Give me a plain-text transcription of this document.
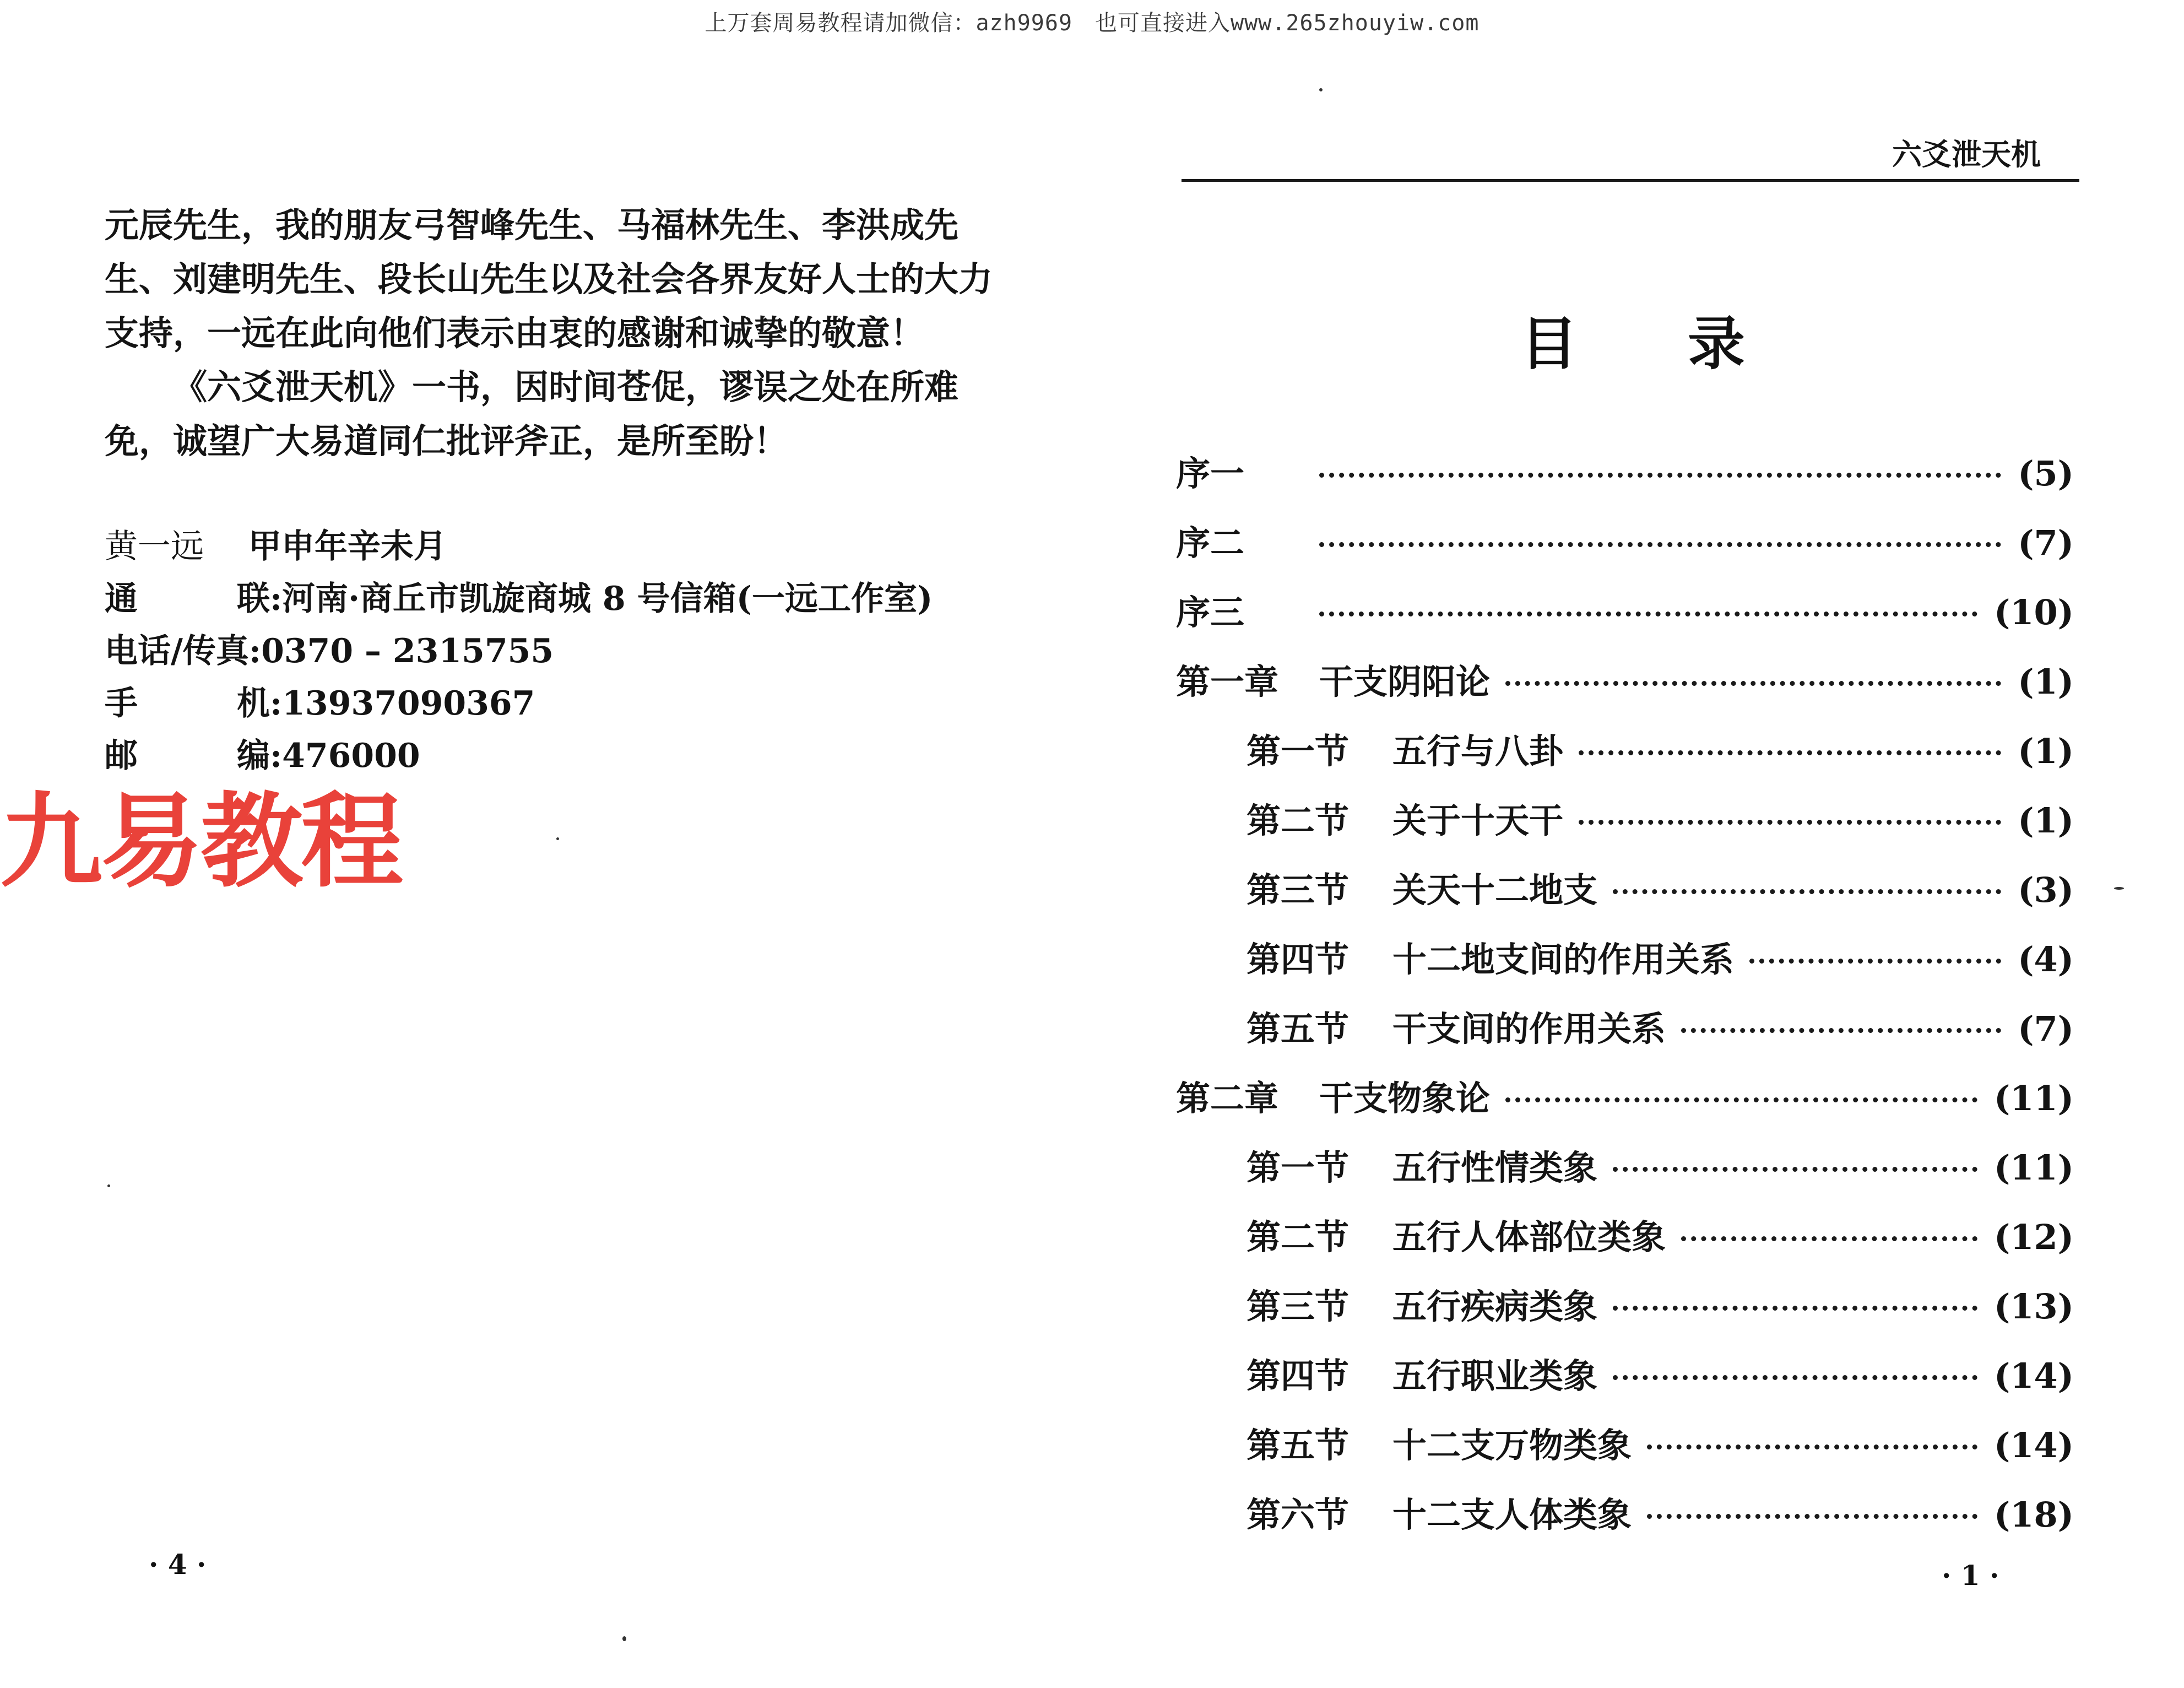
上万套周易教程请加微信：azh9969　也可直接进入www.265zhouyiw.com

元辰先生，我的朋友弓智峰先生、马福林先生、李洪成先生、刘建明先生、段长山先生以及社会各界友好人士的大力支持，一远在此向他们表示由衷的感谢和诚挚的敬意！

《六爻泄天机》一书，因时间苍促，谬误之处在所难免，诚望广大易道同仁批评斧正，是所至盼！

黄一远 甲申年辛未月
通	联 :河南·商丘市凯旋商城 8 号信箱(一远工作室)
电话/传真:0370 – 2315755
手	机 :13937090367
邮	编 :476000
九易教程
· 4 ·
六爻泄天机
目录
序一	(5)
序二	(7)
序三	(10)
第一章	干支阴阳论	(1)
第一节	五行与八卦	(1)
第二节	关于十天干	(1)
第三节	关天十二地支	(3)
第四节	十二地支间的作用关系	(4)
第五节	干支间的作用关系	(7)
第二章	干支物象论	(11)
第一节	五行性情类象	(11)
第二节	五行人体部位类象	(12)
第三节	五行疾病类象	(13)
第四节	五行职业类象	(14)
第五节	十二支万物类象	(14)
第六节	十二支人体类象	(18)
· 1 ·
